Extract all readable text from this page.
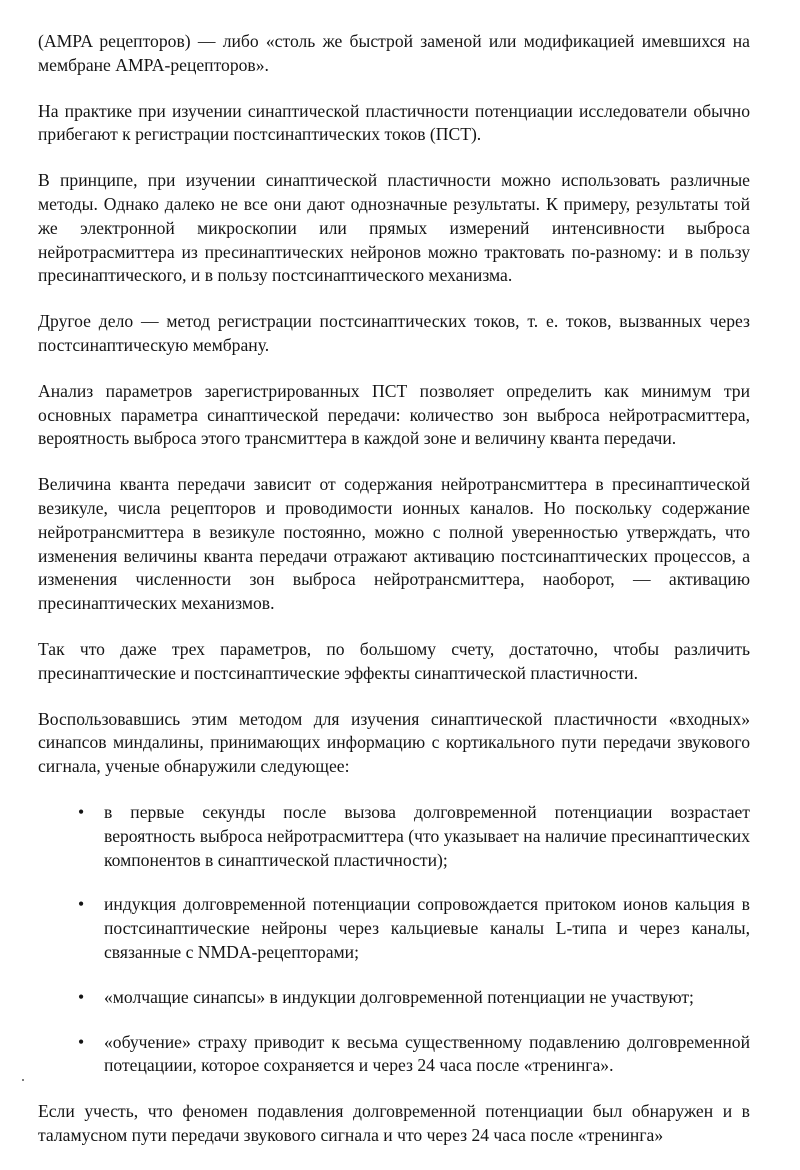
(AMPA рецепторов) — либо «столь же быстрой заменой или модификацией имевшихся на мембране AMPA-рецепторов».

На практике при изучении синаптической пластичности потенциации исследователи обычно прибегают к регистрации постсинаптических токов (ПСТ).

В принципе, при изучении синаптической пластичности можно использовать различные методы. Однако далеко не все они дают однозначные результаты. К примеру, результаты той же электронной микроскопии или прямых измерений интенсивности выброса нейротрасмиттера из пресинаптических нейронов можно трактовать по-разному: и в пользу пресинаптического, и в пользу постсинаптического механизма.

Другое дело — метод регистрации постсинаптических токов, т. е. токов, вызванных через постсинаптическую мембрану.

Анализ параметров зарегистрированных ПСТ позволяет определить как минимум три основных параметра синаптической передачи: количество зон выброса нейротрасмиттера, вероятность выброса этого трансмиттера в каждой зоне и величину кванта передачи.

Величина кванта передачи зависит от содержания нейротрансмиттера в пресинаптической везикуле, числа рецепторов и проводимости ионных каналов. Но поскольку содержание нейротрансмиттера в везикуле постоянно, можно с полной уверенностью утверждать, что изменения величины кванта передачи отражают активацию постсинаптических процессов, а изменения численности зон выброса нейротрансмиттера, наоборот, — активацию пресинаптических механизмов.

Так что даже трех параметров, по большому счету, достаточно, чтобы различить пресинаптические и постсинаптические эффекты синаптической пластичности.

Воспользовавшись этим методом для изучения синаптической пластичности «входных» синапсов миндалины, принимающих информацию с кортикального пути передачи звукового сигнала, ученые обнаружили следующее:

• в первые секунды после вызова долговременной потенциации возрастает вероятность выброса нейротрасмиттера (что указывает на наличие пресинаптических компонентов в синаптической пластичности);
• индукция долговременной потенциации сопровождается притоком ионов кальция в постсинаптические нейроны через кальциевые каналы L-типа и через каналы, связанные с NMDA-рецепторами;
• «молчащие синапсы» в индукции долговременной потенциации не участвуют;
• «обучение» страху приводит к весьма существенному подавлению долговременной потецациии, которое сохраняется и через 24 часа после «тренинга».

Если учесть, что феномен подавления долговременной потенциации был обнаружен и в таламусном пути передачи звукового сигнала и что через 24 часа после «тренинга»
